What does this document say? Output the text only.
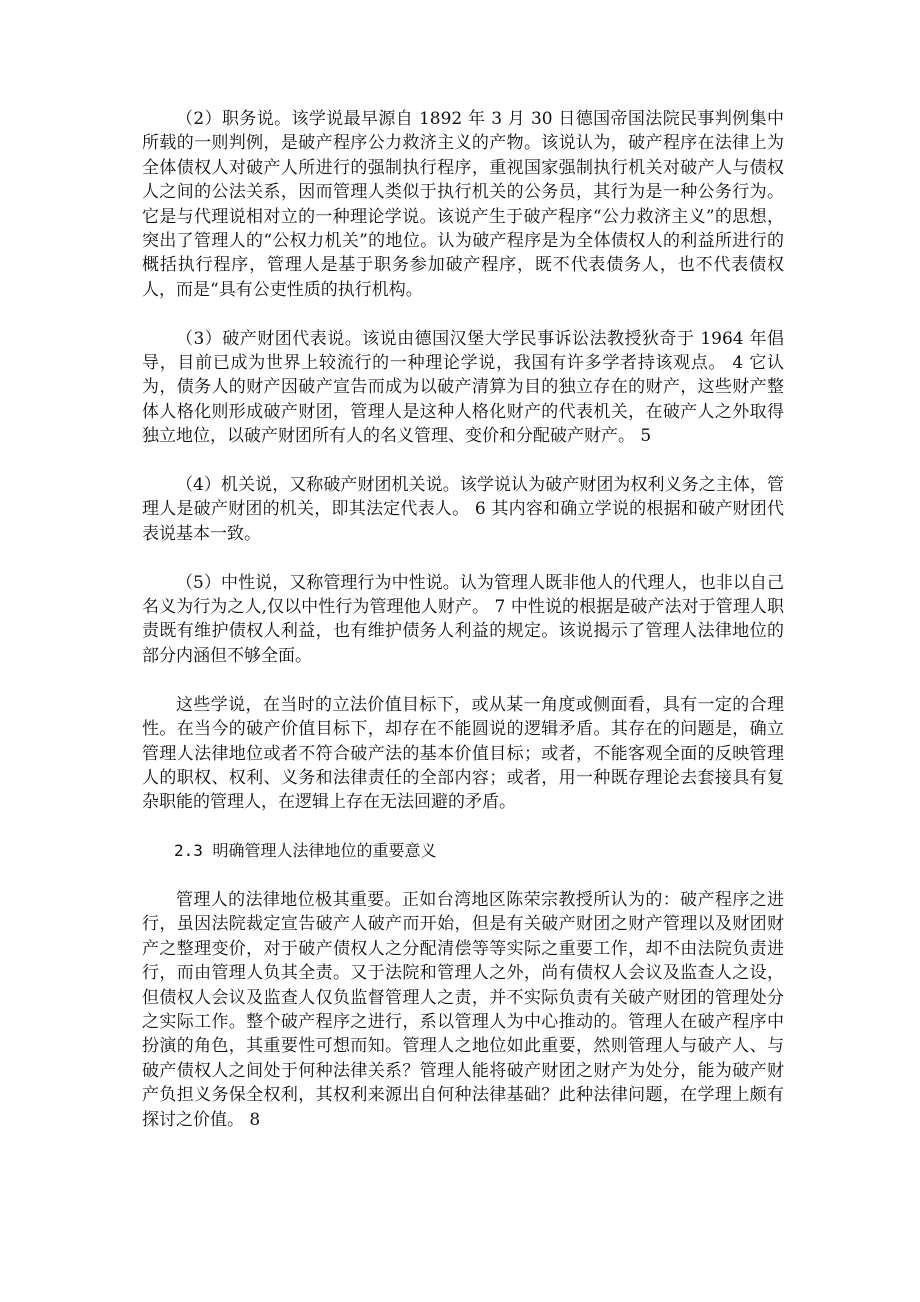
（2）职务说。该学说最早源自 1892 年 3 月 30 日德国帝国法院民事判例集中所载的一则判例，是破产程序公力救济主义的产物。该说认为，破产程序在法律上为全体债权人对破产人所进行的强制执行程序，重视国家强制执行机关对破产人与债权人之间的公法关系，因而管理人类似于执行机关的公务员，其行为是一种公务行为。它是与代理说相对立的一种理论学说。该说产生于破产程序“公力救济主义”的思想，突出了管理人的“公权力机关”的地位。认为破产程序是为全体债权人的利益所进行的概括执行程序，管理人是基于职务参加破产程序，既不代表债务人，也不代表债权人，而是“具有公吏性质的执行机构。

（3）破产财团代表说。该说由德国汉堡大学民事诉讼法教授狄奇于 1964 年倡导，目前已成为世界上较流行的一种理论学说，我国有许多学者持该观点。 4 它认为，债务人的财产因破产宣告而成为以破产清算为目的独立存在的财产，这些财产整体人格化则形成破产财团，管理人是这种人格化财产的代表机关，在破产人之外取得独立地位，以破产财团所有人的名义管理、变价和分配破产财产。 5

（4）机关说，又称破产财团机关说。该学说认为破产财团为权利义务之主体，管理人是破产财团的机关，即其法定代表人。 6 其内容和确立学说的根据和破产财团代表说基本一致。

（5）中性说，又称管理行为中性说。认为管理人既非他人的代理人，也非以自己名义为行为之人,仅以中性行为管理他人财产。 7 中性说的根据是破产法对于管理人职责既有维护债权人利益，也有维护债务人利益的规定。该说揭示了管理人法律地位的部分内涵但不够全面。

这些学说，在当时的立法价值目标下，或从某一角度或侧面看，具有一定的合理性。在当今的破产价值目标下，却存在不能圆说的逻辑矛盾。其存在的问题是，确立管理人法律地位或者不符合破产法的基本价值目标；或者，不能客观全面的反映管理人的职权、权利、义务和法律责任的全部内容；或者，用一种既存理论去套接具有复杂职能的管理人，在逻辑上存在无法回避的矛盾。

2.3 明确管理人法律地位的重要意义

管理人的法律地位极其重要。正如台湾地区陈荣宗教授所认为的：破产程序之进行，虽因法院裁定宣告破产人破产而开始，但是有关破产财团之财产管理以及财团财产之整理变价，对于破产债权人之分配清偿等等实际之重要工作，却不由法院负责进行，而由管理人负其全责。又于法院和管理人之外，尚有债权人会议及监查人之设，但债权人会议及监查人仅负监督管理人之责，并不实际负责有关破产财团的管理处分之实际工作。整个破产程序之进行，系以管理人为中心推动的。管理人在破产程序中扮演的角色，其重要性可想而知。管理人之地位如此重要，然则管理人与破产人、与破产债权人之间处于何种法律关系？管理人能将破产财团之财产为处分，能为破产财产负担义务保全权利，其权利来源出自何种法律基础？此种法律问题，在学理上颇有探讨之价值。 8
